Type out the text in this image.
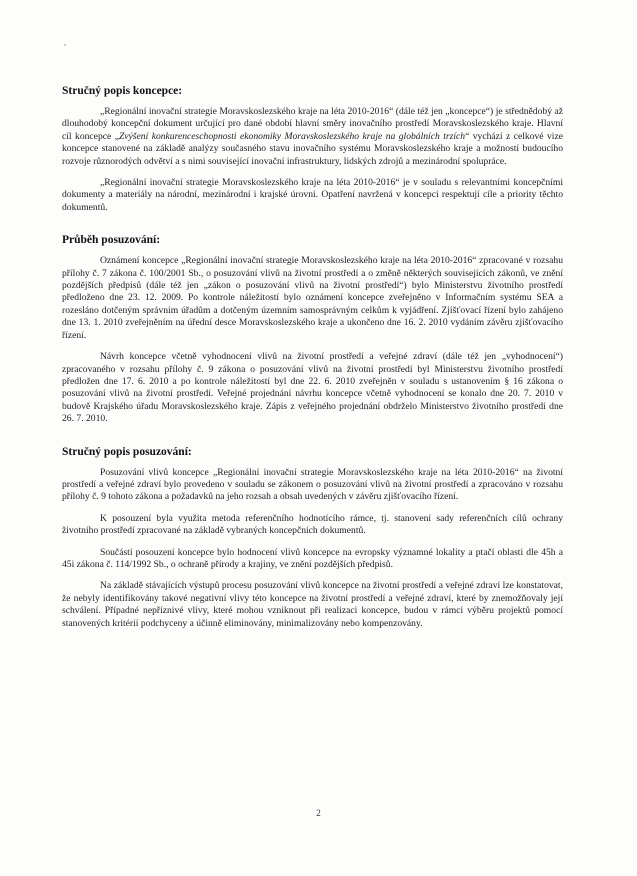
Stručný popis koncepce:

„Regionální inovační strategie Moravskoslezského kraje na léta 2010-2016“ (dále též jen „koncepce“) je střednědobý až dlouhodobý koncepční dokument určující pro dané období hlavní směry inovačního prostředí Moravskoslezského kraje. Hlavní cíl koncepce „Zvýšení konkurenceschopnosti ekonomiky Moravskoslezského kraje na globálních trzích“ vychází z celkové vize koncepce stanovené na základě analýzy současného stavu inovačního systému Moravskoslezského kraje a možností budoucího rozvoje různorodých odvětví a s nimi související inovační infrastruktury, lidských zdrojů a mezinárodní spolupráce.

„Regionální inovační strategie Moravskoslezského kraje na léta 2010-2016“ je v souladu s relevantními koncepčními dokumenty a materiály na národní, mezinárodní i krajské úrovni. Opatření navržená v koncepci respektují cíle a priority těchto dokumentů.

Průběh posuzování:

Oznámení koncepce „Regionální inovační strategie Moravskoslezského kraje na léta 2010-2016“ zpracované v rozsahu přílohy č. 7 zákona č. 100/2001 Sb., o posuzování vlivů na životní prostředí a o změně některých souvisejících zákonů, ve znění pozdějších předpisů (dále též jen „zákon o posuzování vlivů na životní prostředí“) bylo Ministerstvu životního prostředí předloženo dne 23. 12. 2009. Po kontrole náležitostí bylo oznámení koncepce zveřejněno v Informačním systému SEA a rozesláno dotčeným správním úřadům a dotčeným územním samosprávným celkům k vyjádření. Zjišťovací řízení bylo zahájeno dne 13. 1. 2010 zveřejněním na úřední desce Moravskoslezského kraje a ukončeno dne 16. 2. 2010 vydáním závěru zjišťovacího řízení.

Návrh koncepce včetně vyhodnocení vlivů na životní prostředí a veřejné zdraví (dále též jen „vyhodnocení“) zpracovaného v rozsahu přílohy č. 9 zákona o posuzování vlivů na životní prostředí byl Ministerstvu životního prostředí předložen dne 17. 6. 2010 a po kontrole náležitostí byl dne 22. 6. 2010 zveřejněn v souladu s ustanovením § 16 zákona o posuzování vlivů na životní prostředí. Veřejné projednání návrhu koncepce včetně vyhodnocení se konalo dne 20. 7. 2010 v budově Krajského úřadu Moravskoslezského kraje. Zápis z veřejného projednání obdrželo Ministerstvo životního prostředí dne 26. 7. 2010.

Stručný popis posuzování:

Posuzování vlivů koncepce „Regionální inovační strategie Moravskoslezského kraje na léta 2010-2016“ na životní prostředí a veřejné zdraví bylo provedeno v souladu se zákonem o posuzování vlivů na životní prostředí a zpracováno v rozsahu přílohy č. 9 tohoto zákona a požadavků na jeho rozsah a obsah uvedených v závěru zjišťovacího řízení.

K posouzení byla využita metoda referenčního hodnotícího rámce, tj. stanovení sady referenčních cílů ochrany životního prostředí zpracované na základě vybraných koncepčních dokumentů.

Součástí posouzení koncepce bylo hodnocení vlivů koncepce na evropsky významné lokality a ptačí oblasti dle 45h a 45i zákona č. 114/1992 Sb., o ochraně přírody a krajiny, ve znění pozdějších předpisů.

Na základě stávajících výstupů procesu posuzování vlivů koncepce na životní prostředí a veřejné zdraví lze konstatovat, že nebyly identifikovány takové negativní vlivy této koncepce na životní prostředí a veřejné zdraví, které by znemožňovaly její schválení. Případné nepříznivé vlivy, které mohou vzniknout při realizaci koncepce, budou v rámci výběru projektů pomocí stanovených kritérií podchyceny a účinně eliminovány, minimalizovány nebo kompenzovány.

2
